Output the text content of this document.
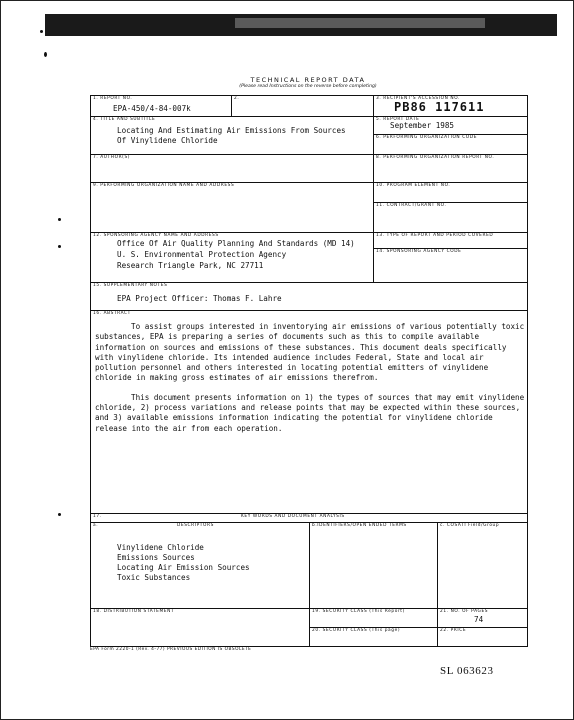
TECHNICAL REPORT DATA
(Please read Instructions on the reverse before completing)
1. REPORT NO.
EPA-450/4-84-007k
2.	3. RECIPIENT'S ACCESSION NO.
PB86 117611
4. TITLE AND SUBTITLE
Locating And Estimating Air Emissions From Sources
Of Vinylidene Chloride
5. REPORT DATE
September 1985
6. PERFORMING ORGANIZATION CODE
7. AUTHOR(S)	8. PERFORMING ORGANIZATION REPORT NO.
9. PERFORMING ORGANIZATION NAME AND ADDRESS	10. PROGRAM ELEMENT NO.
11. CONTRACT/GRANT NO.
12. SPONSORING AGENCY NAME AND ADDRESS
Office Of Air Quality Planning And Standards (MD 14)
U. S. Environmental Protection Agency
Research Triangle Park, NC 27711
13. TYPE OF REPORT AND PERIOD COVERED
14. SPONSORING AGENCY CODE
15. SUPPLEMENTARY NOTES
EPA Project Officer: Thomas F. Lahre
16. ABSTRACT

To assist groups interested in inventorying air emissions of various potentially toxic substances, EPA is preparing a series of documents such as this to compile available information on sources and emissions of these substances. This document deals specifically with vinylidene chloride. Its intended audience includes Federal, State and local air pollution personnel and others interested in locating potential emitters of vinylidene chloride in making gross estimates of air emissions therefrom.

This document presents information on 1) the types of sources that may emit vinylidene chloride, 2) process variations and release points that may be expected within these sources, and 3) available emissions information indicating the potential for vinylidene chloride release into the air from each operation.

17.	KEY WORDS AND DOCUMENT ANALYSIS
a.	DESCRIPTORS
Vinylidene Chloride
Emissions Sources
Locating Air Emission Sources
Toxic Substances
b.IDENTIFIERS/OPEN ENDED TERMS	c. COSATI Field/Group
18. DISTRIBUTION STATEMENT	19. SECURITY CLASS (This Report)	21. NO. OF PAGES
74
20. SECURITY CLASS (This page)	22. PRICE
EPA Form 2220-1 (Rev. 4-77) PREVIOUS EDITION IS OBSOLETE
SL 063623
